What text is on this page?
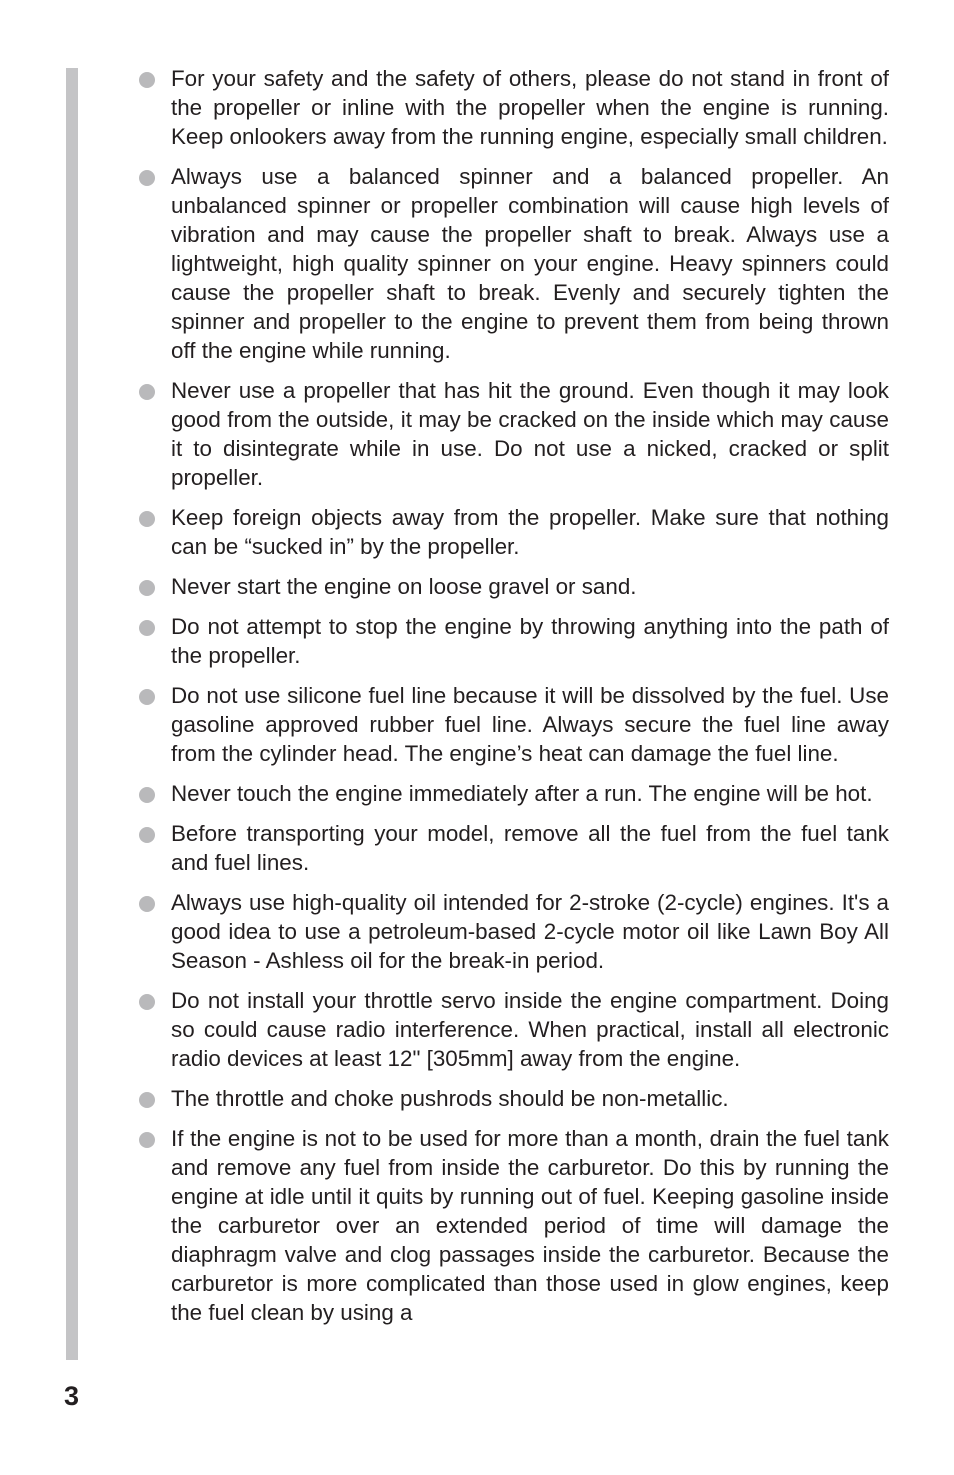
For your safety and the safety of others, please do not stand in front of the propeller or inline with the propeller when the engine is running. Keep onlookers away from the running engine, especially small children.
Always use a balanced spinner and a balanced propeller. An unbalanced spinner or propeller combination will cause high levels of vibration and may cause the propeller shaft to break. Always use a lightweight, high quality spinner on your engine. Heavy spinners could cause the propeller shaft to break. Evenly and securely tighten the spinner and propeller to the engine to prevent them from being thrown off the engine while running.
Never use a propeller that has hit the ground. Even though it may look good from the outside, it may be cracked on the inside which may cause it to disintegrate while in use. Do not use a nicked, cracked or split propeller.
Keep foreign objects away from the propeller. Make sure that nothing can be “sucked in” by the propeller.
Never start the engine on loose gravel or sand.
Do not attempt to stop the engine by throwing anything into the path of the propeller.
Do not use silicone fuel line because it will be dissolved by the fuel. Use gasoline approved rubber fuel line. Always secure the fuel line away from the cylinder head. The engine’s heat can damage the fuel line.
Never touch the engine immediately after a run. The engine will be hot.
Before transporting your model, remove all the fuel from the fuel tank and fuel lines.
Always use high-quality oil intended for 2-stroke (2-cycle) engines. It's a good idea to use a petroleum-based 2-cycle motor oil like Lawn Boy All Season - Ashless oil for the break-in period.
Do not install your throttle servo inside the engine compartment. Doing so could cause radio interference. When practical, install all electronic radio devices at least 12" [305mm] away from the engine.
The throttle and choke pushrods should be non-metallic.
If the engine is not to be used for more than a month, drain the fuel tank and remove any fuel from inside the carburetor. Do this by running the engine at idle until it quits by running out of fuel. Keeping gasoline inside the carburetor over an extended period of time will damage the diaphragm valve and clog passages inside the carburetor. Because the carburetor is more complicated than those used in glow engines, keep the fuel clean by using a
3
